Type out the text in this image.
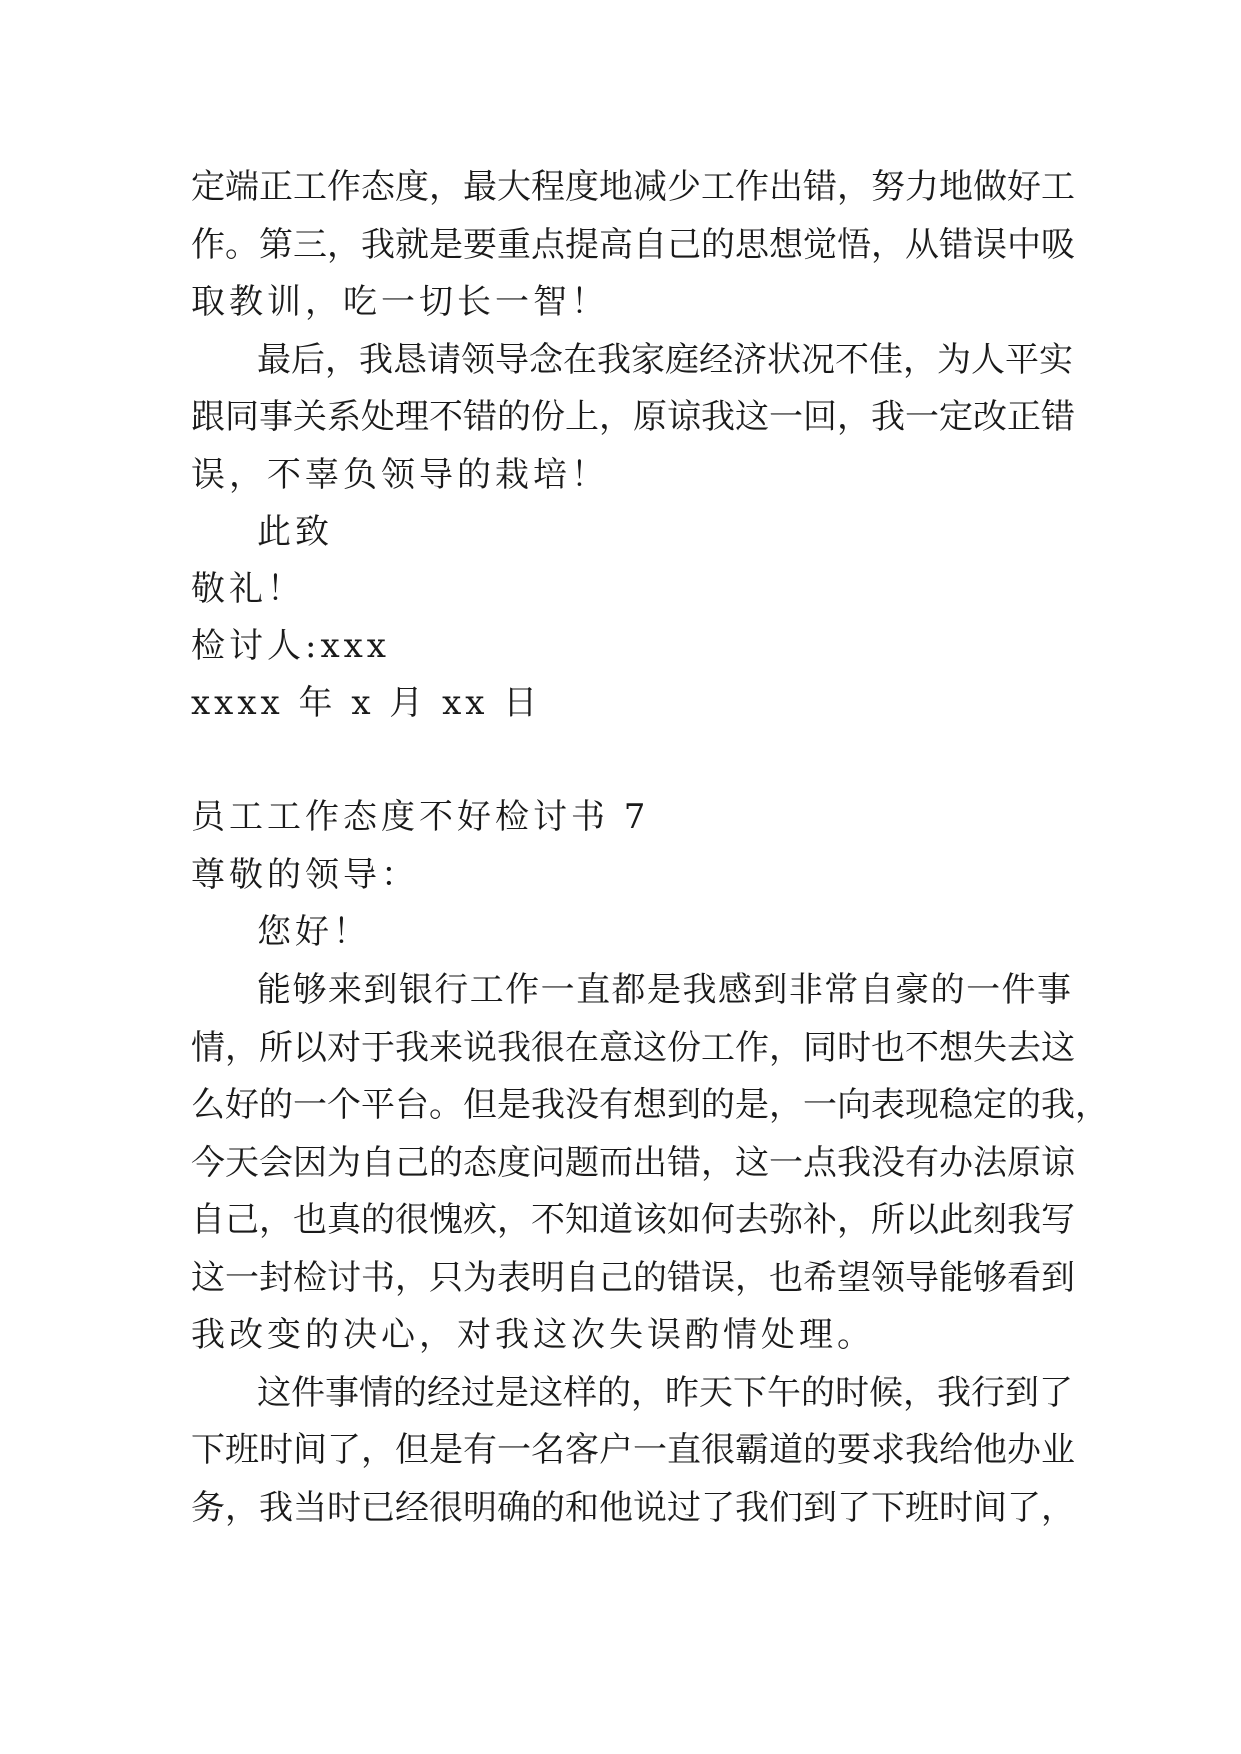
定端正工作态度，最大程度地减少工作出错，努力地做好工
作。第三，我就是要重点提高自己的思想觉悟，从错误中吸
取教训，吃一切长一智！
最后，我恳请领导念在我家庭经济状况不佳，为人平实
跟同事关系处理不错的份上，原谅我这一回，我一定改正错
误，不辜负领导的栽培！
此致
敬礼！
检讨人:xxx
xxxx 年 x 月 xx 日
员工工作态度不好检讨书 7
尊敬的领导：
您好！
能够来到银行工作一直都是我感到非常自豪的一件事
情，所以对于我来说我很在意这份工作，同时也不想失去这
么好的一个平台。但是我没有想到的是，一向表现稳定的我，
今天会因为自己的态度问题而出错，这一点我没有办法原谅
自己，也真的很愧疚，不知道该如何去弥补，所以此刻我写
这一封检讨书，只为表明自己的错误，也希望领导能够看到
我改变的决心，对我这次失误酌情处理。
这件事情的经过是这样的，昨天下午的时候，我行到了
下班时间了，但是有一名客户一直很霸道的要求我给他办业
务，我当时已经很明确的和他说过了我们到了下班时间了，
